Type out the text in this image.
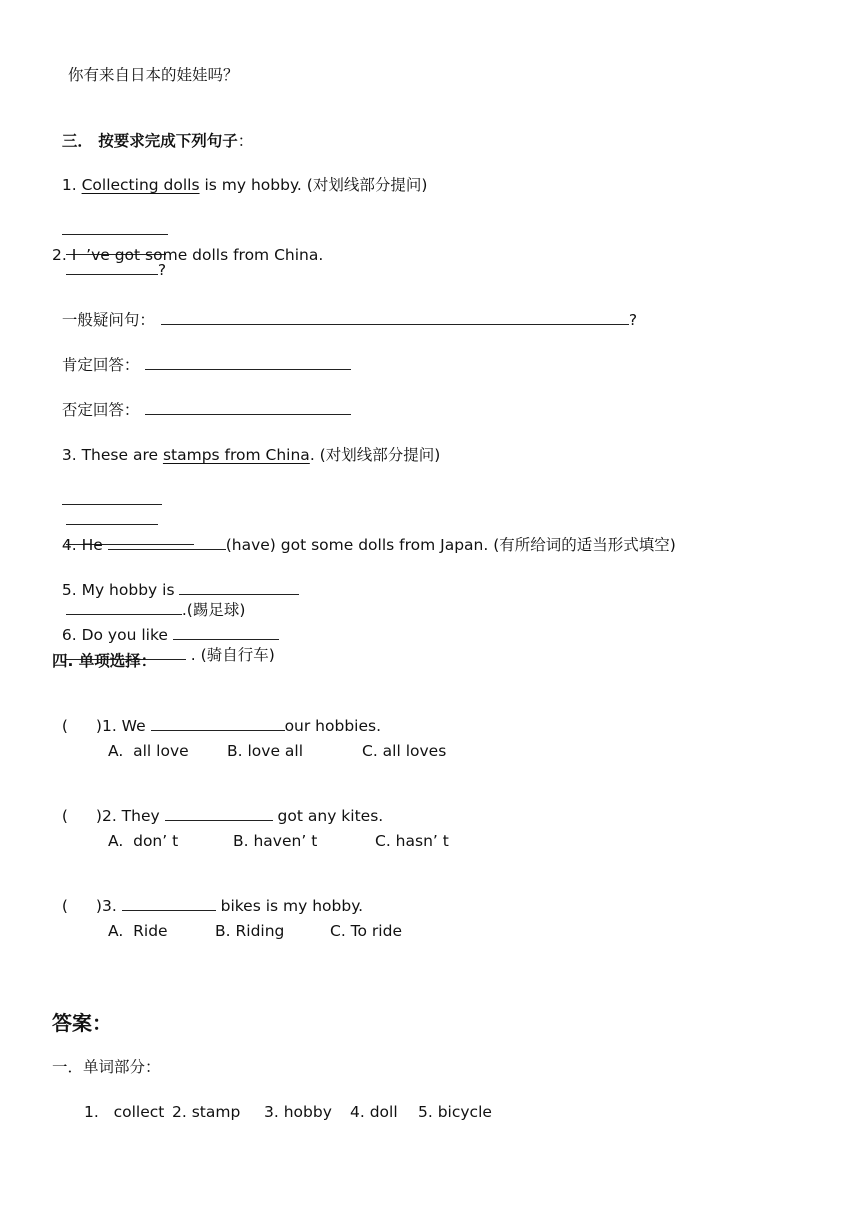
你有来自日本的娃娃吗？

三． 按要求完成下列句子：

1. Collecting dolls is my hobby. (对划线部分提问)

?

2. I  ’ve got some dolls from China.

一般疑问句：	?

肯定回答：

否定回答：

3. These are stamps from China. (对划线部分提问)

4. He	(have) got some dolls from Japan. (有所给词的适当形式填空)

5. My hobby is
.(踢足球)

6. Do you like
. (骑自行车)

四. 单项选择：

( )1. We	our hobbies.

A.  all love B. love all	C. all loves

( )2. They	got any kites.

A.  don’ t	B. haven’ t	C. hasn’ t

( )3.	bikes is my hobby.

A.  Ride	B. Riding	C. To ride
答案：
一．单词部分：
1.   collect 2. stamp 3. hobby 4. doll 5. bicycle
